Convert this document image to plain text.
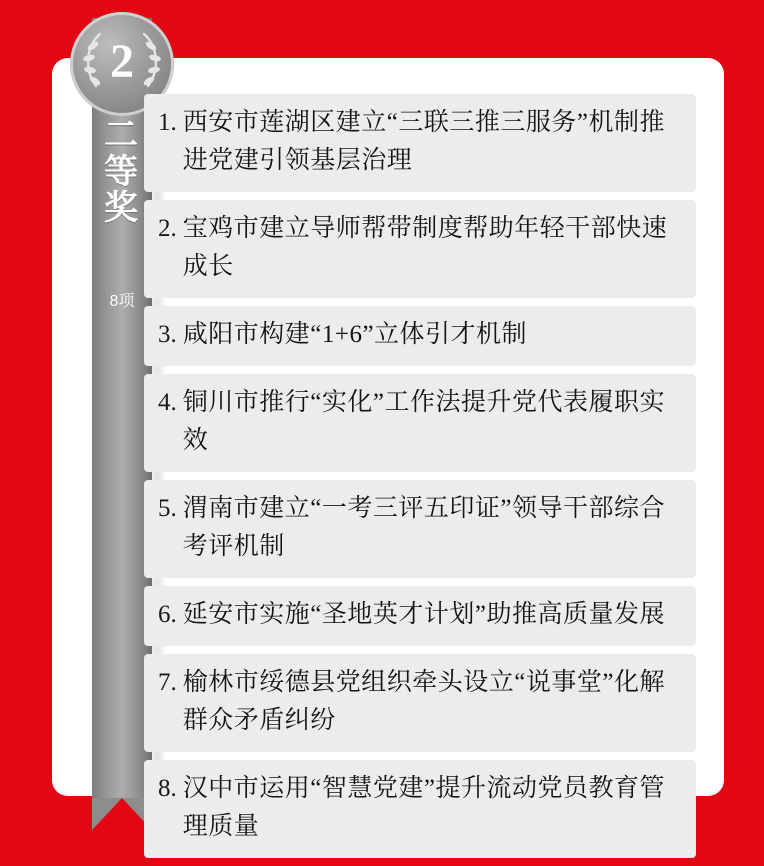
2
二
等
奖
8项
1. 西安市莲湖区建立“三联三推三服务”机制推进党建引领基层治理
2. 宝鸡市建立导师帮带制度帮助年轻干部快速成长
3. 咸阳市构建“1+6”立体引才机制
4. 铜川市推行“实化”工作法提升党代表履职实效
5. 渭南市建立“一考三评五印证”领导干部综合考评机制
6. 延安市实施“圣地英才计划”助推高质量发展
7. 榆林市绥德县党组织牵头设立“说事堂”化解群众矛盾纠纷
8. 汉中市运用“智慧党建”提升流动党员教育管理质量
